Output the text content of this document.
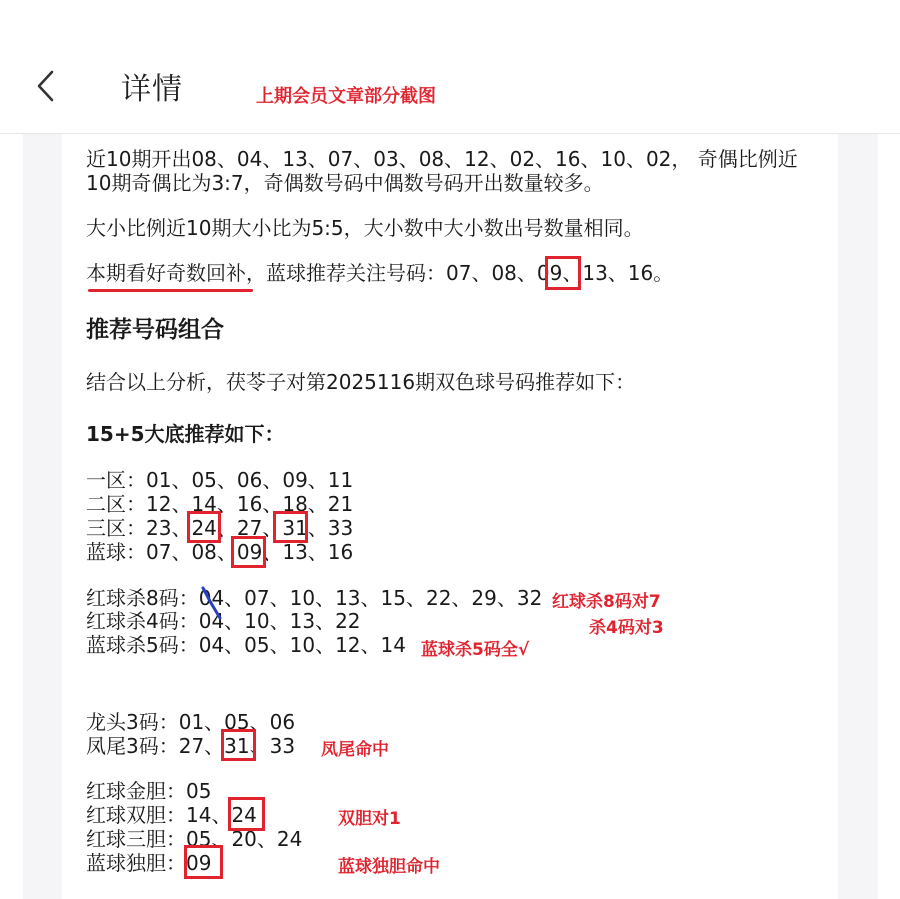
详情	上期会员文章部分截图
近10期开出08、04、13、07、03、08、12、02、16、10、02， 奇偶比例近
10期奇偶比为3:7，奇偶数号码中偶数号码开出数量较多。
大小比例近10期大小比为5:5，大小数中大小数出号数量相同。
本期看好奇数回补，蓝球推荐关注号码：07、08、09、13、16。
推荐号码组合
结合以上分析，茯苓子对第2025116期双色球号码推荐如下：
15+5大底推荐如下：
一区：01、05、06、09、11
二区：12、14、16、18、21
三区：23、24、27、31、33
蓝球：07、08、09、13、16
红球杀8码：04、07、10、13、15、22、29、32
红球杀4码：04、10、13、22
蓝球杀5码：04、05、10、12、14
红球杀8码对7
杀4码对3
蓝球杀5码全√
龙头3码：01、05、06
凤尾3码：27、31、33 凤尾命中
红球金胆：05
红球双胆：14、24
红球三胆：05、20、24
蓝球独胆：09
双胆对1
蓝球独胆命中
